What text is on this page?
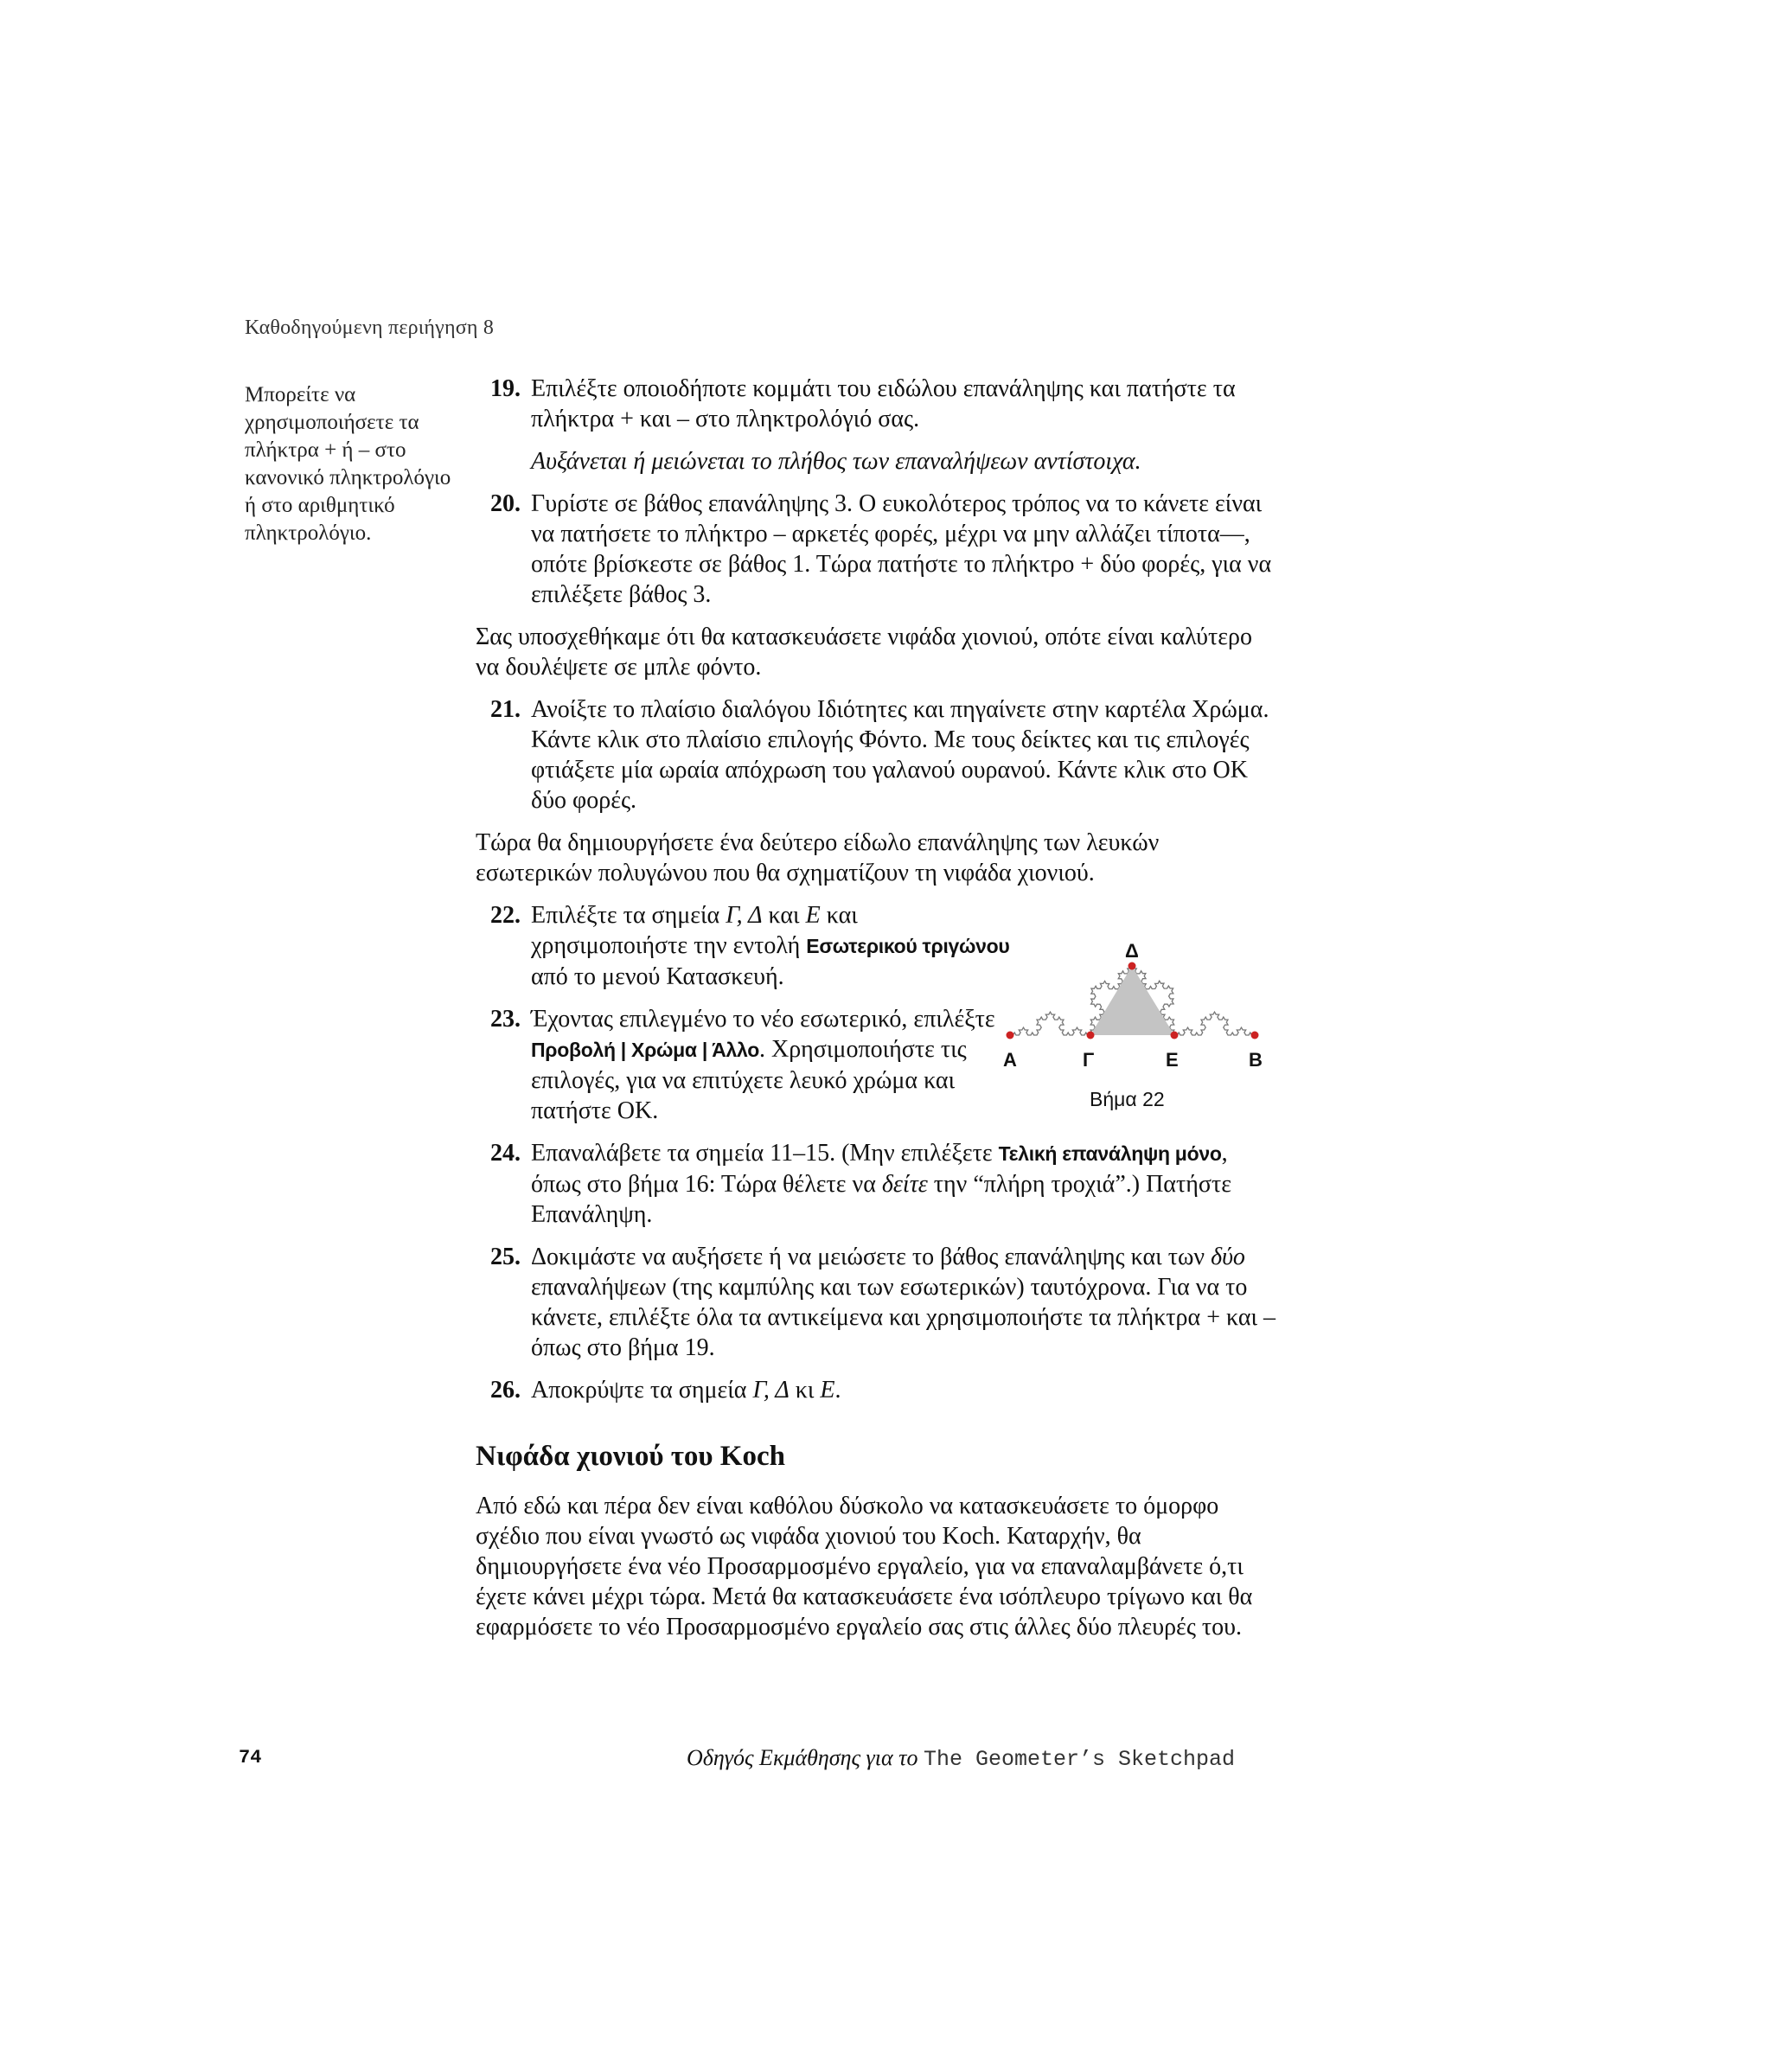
Καθοδηγούμενη περιήγηση 8
Μπορείτε να χρησιμοποιήσετε τα πλήκτρα + ή – στο κανονικό πληκτρολόγιο ή στο αριθμητικό πληκτρολόγιο.
19. Επιλέξτε οποιοδήποτε κομμάτι του ειδώλου επανάληψης και πατήστε τα πλήκτρα + και – στο πληκτρολόγιό σας.
Αυξάνεται ή μειώνεται το πλήθος των επαναλήψεων αντίστοιχα.
20. Γυρίστε σε βάθος επανάληψης 3. Ο ευκολότερος τρόπος να το κάνετε είναι να πατήσετε το πλήκτρο – αρκετές φορές, μέχρι να μην αλλάζει τίποτα—, οπότε βρίσκεστε σε βάθος 1. Τώρα πατήστε το πλήκτρο + δύο φορές, για να επιλέξετε βάθος 3.
Σας υποσχεθήκαμε ότι θα κατασκευάσετε νιφάδα χιονιού, οπότε είναι καλύτερο να δουλέψετε σε μπλε φόντο.
21. Ανοίξτε το πλαίσιο διαλόγου Ιδιότητες και πηγαίνετε στην καρτέλα Χρώμα. Κάντε κλικ στο πλαίσιο επιλογής Φόντο. Με τους δείκτες και τις επιλογές φτιάξετε μία ωραία απόχρωση του γαλανού ουρανού. Κάντε κλικ στο ΟΚ δύο φορές.
Τώρα θα δημιουργήσετε ένα δεύτερο είδωλο επανάληψης των λευκών εσωτερικών πολυγώνου που θα σχηματίζουν τη νιφάδα χιονιού.
22. Επιλέξτε τα σημεία Γ, Δ και Ε και χρησιμοποιήστε την εντολή Εσωτερικού τριγώνου από το μενού Κατασκευή.
23. Έχοντας επιλεγμένο το νέο εσωτερικό, επιλέξτε Προβολή | Χρώμα | Άλλο. Χρησιμοποιήστε τις επιλογές, για να επιτύχετε λευκό χρώμα και πατήστε ΟΚ.
24. Επαναλάβετε τα σημεία 11–15. (Μην επιλέξετε Τελική επανάληψη μόνο, όπως στο βήμα 16: Τώρα θέλετε να δείτε την “πλήρη τροχιά”.) Πατήστε Επανάληψη.
25. Δοκιμάστε να αυξήσετε ή να μειώσετε το βάθος επανάληψης και των δύο επαναλήψεων (της καμπύλης και των εσωτερικών) ταυτόχρονα. Για να το κάνετε, επιλέξτε όλα τα αντικείμενα και χρησιμοποιήστε τα πλήκτρα + και – όπως στο βήμα 19.
26. Αποκρύψτε τα σημεία Γ, Δ κι Ε.
Νιφάδα χιονιού του Koch
Από εδώ και πέρα δεν είναι καθόλου δύσκολο να κατασκευάσετε το όμορφο σχέδιο που είναι γνωστό ως νιφάδα χιονιού του Koch. Καταρχήν, θα δημιουργήσετε ένα νέο Προσαρμοσμένο εργαλείο, για να επαναλαμβάνετε ό,τι έχετε κάνει μέχρι τώρα. Μετά θα κατασκευάσετε ένα ισόπλευρο τρίγωνο και θα εφαρμόσετε το νέο Προσαρμοσμένο εργαλείο σας στις άλλες δύο πλευρές του.
Δ
Α	Γ	Ε	Β
Βήμα 22
74	Οδηγός Εκμάθησης για το The Geometer’s Sketchpad
